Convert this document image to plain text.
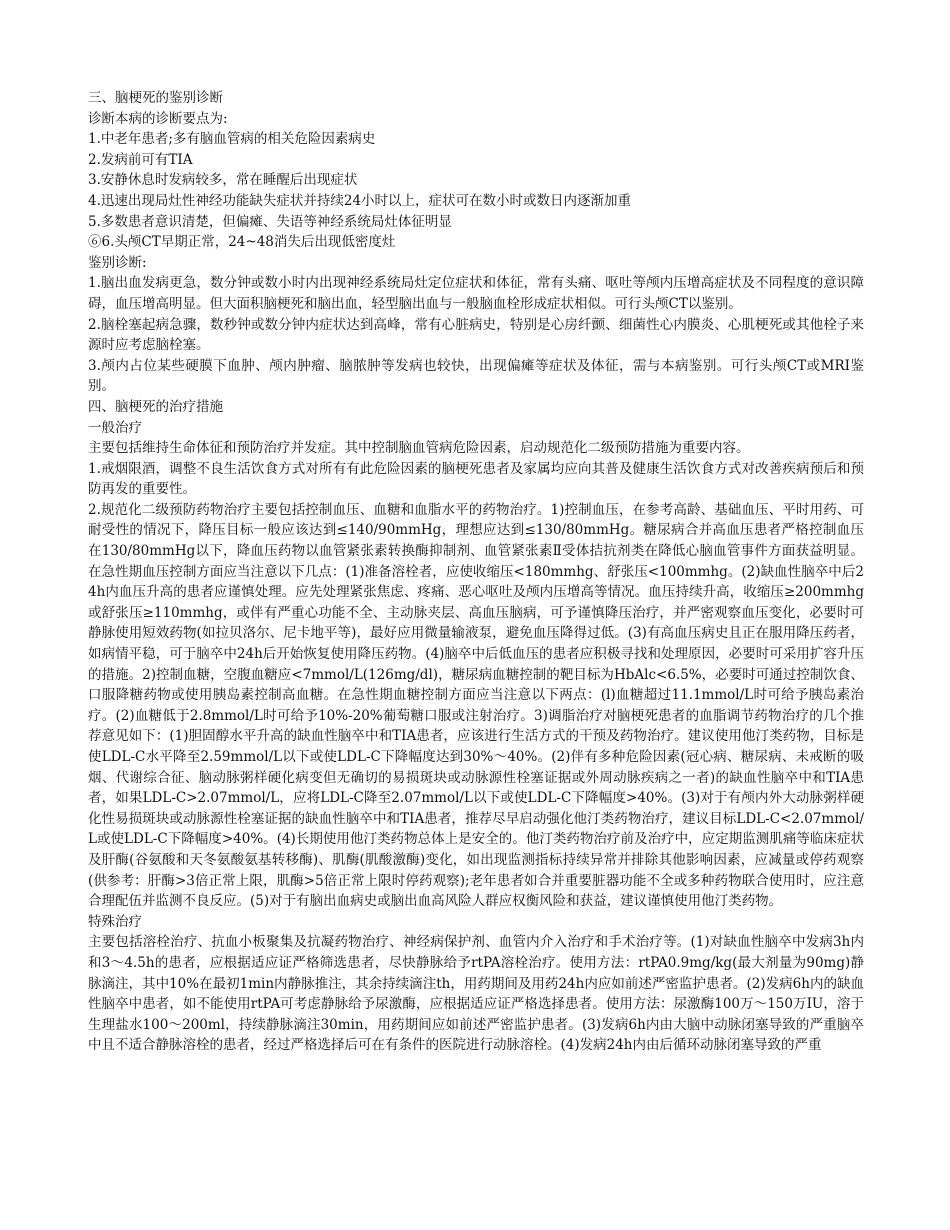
三、脑梗死的鉴别诊断

诊断本病的诊断要点为:

1.中老年患者;多有脑血管病的相关危险因素病史

2.发病前可有TIA

3.安静休息时发病较多，常在睡醒后出现症状

4.迅速出现局灶性神经功能缺失症状并持续24小时以上，症状可在数小时或数日内逐渐加重

5.多数患者意识清楚，但偏瘫、失语等神经系统局灶体征明显

⑥6.头颅CT早期正常，24~48消失后出现低密度灶

鉴别诊断:

1.脑出血发病更急，数分钟或数小时内出现神经系统局灶定位症状和体征，常有头痛、呕吐等颅内压增高症状及不同程度的意识障碍，血压增高明显。但大面积脑梗死和脑出血，轻型脑出血与一般脑血栓形成症状相似。可行头颅CT以鉴别。

2.脑栓塞起病急骤，数秒钟或数分钟内症状达到高峰，常有心脏病史，特别是心房纤颤、细菌性心内膜炎、心肌梗死或其他栓子来源时应考虑脑栓塞。

3.颅内占位某些硬膜下血肿、颅内肿瘤、脑脓肿等发病也较快，出现偏瘫等症状及体征，需与本病鉴别。可行头颅CT或MRI鉴别。

四、脑梗死的治疗措施

一般治疗

主要包括维持生命体征和预防治疗并发症。其中控制脑血管病危险因素，启动规范化二级预防措施为重要内容。

1.戒烟限酒，调整不良生活饮食方式对所有有此危险因素的脑梗死患者及家属均应向其普及健康生活饮食方式对改善疾病预后和预防再发的重要性。

2.规范化二级预防药物治疗主要包括控制血压、血糖和血脂水平的药物治疗。1)控制血压，在参考高龄、基础血压、平时用药、可耐受性的情况下，降压目标一般应该达到≤140/90mmHg，理想应达到≤130/80mmHg。糖尿病合并高血压患者严格控制血压在130/80mmHg以下，降血压药物以血管紧张素转换酶抑制剂、血管紧张素Ⅱ受体拮抗剂类在降低心脑血管事件方面获益明显。在急性期血压控制方面应当注意以下几点：(1)准备溶栓者，应使收缩压<180mmhg、舒张压<100mmhg。(2)缺血性脑卒中后24h内血压升高的患者应谨慎处理。应先处理紧张焦虑、疼痛、恶心呕吐及颅内压增高等情况。血压持续升高，收缩压≥200mmhg或舒张压≥110mmhg，或伴有严重心功能不全、主动脉夹层、高血压脑病，可予谨慎降压治疗，并严密观察血压变化，必要时可静脉使用短效药物(如拉贝洛尔、尼卡地平等)，最好应用微量输液泵，避免血压降得过低。(3)有高血压病史且正在服用降压药者，如病情平稳，可于脑卒中24h后开始恢复使用降压药物。(4)脑卒中后低血压的患者应积极寻找和处理原因，必要时可采用扩容升压的措施。2)控制血糖，空腹血糖应<7mmol/L(126mg/dl)，糖尿病血糖控制的靶目标为HbAlc<6.5%，必要时可通过控制饮食、口服降糖药物或使用胰岛素控制高血糖。在急性期血糖控制方面应当注意以下两点：(l)血糖超过11.1mmol/L时可给予胰岛素治疗。(2)血糖低于2.8mmol/L时可给予10%-20%葡萄糖口服或注射治疗。3)调脂治疗对脑梗死患者的血脂调节药物治疗的几个推荐意见如下：(1)胆固醇水平升高的缺血性脑卒中和TIA患者，应该进行生活方式的干预及药物治疗。建议使用他汀类药物，目标是使LDL-C水平降至2.59mmol/L以下或使LDL-C下降幅度达到30%～40%。(2)伴有多种危险因素(冠心病、糖尿病、未戒断的吸烟、代谢综合征、脑动脉粥样硬化病变但无确切的易损斑块或动脉源性栓塞证据或外周动脉疾病之一者)的缺血性脑卒中和TIA患者，如果LDL-C>2.07mmol/L，应将LDL-C降至2.07mmol/L以下或使LDL-C下降幅度>40%。(3)对于有颅内外大动脉粥样硬化性易损斑块或动脉源性栓塞证据的缺血性脑卒中和TIA患者，推荐尽早启动强化他汀类药物治疗，建议目标LDL-C<2.07mmol/L或使LDL-C下降幅度>40%。(4)长期使用他汀类药物总体上是安全的。他汀类药物治疗前及治疗中，应定期监测肌痛等临床症状及肝酶(谷氨酸和天冬氨酸氨基转移酶)、肌酶(肌酸激酶)变化，如出现监测指标持续异常并排除其他影响因素，应减量或停药观察(供参考：肝酶>3倍正常上限，肌酶>5倍正常上限时停药观察);老年患者如合并重要脏器功能不全或多种药物联合使用时，应注意合理配伍并监测不良反应。(5)对于有脑出血病史或脑出血高风险人群应权衡风险和获益，建议谨慎使用他汀类药物。

特殊治疗

主要包括溶栓治疗、抗血小板聚集及抗凝药物治疗、神经病保护剂、血管内介入治疗和手术治疗等。(1)对缺血性脑卒中发病3h内和3～4.5h的患者，应根据适应证严格筛选患者，尽快静脉给予rtPA溶栓治疗。使用方法：rtPA0.9mg/kg(最大剂量为90mg)静脉滴注，其中10%在最初1min内静脉推注，其余持续滴注th，用药期间及用药24h内应如前述严密监护患者。(2)发病6h内的缺血性脑卒中患者，如不能使用rtPA可考虑静脉给予尿激酶，应根据适应证严格选择患者。使用方法：尿激酶100万～150万IU，溶于生理盐水100～200ml，持续静脉滴注30min，用药期间应如前述严密监护患者。(3)发病6h内由大脑中动脉闭塞导致的严重脑卒中且不适合静脉溶栓的患者，经过严格选择后可在有条件的医院进行动脉溶栓。(4)发病24h内由后循环动脉闭塞导致的严重
